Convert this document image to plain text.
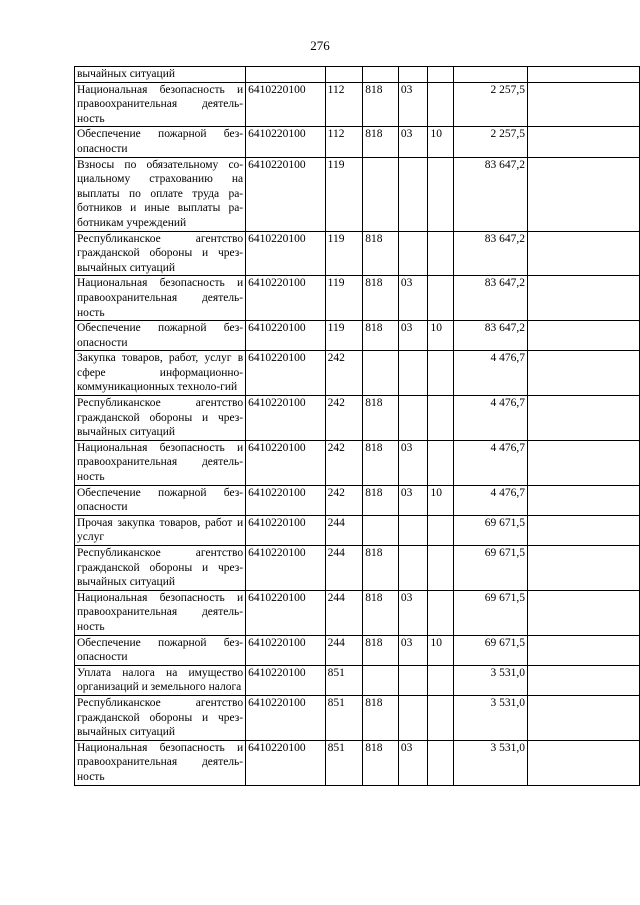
276
вычайных ситуаций							
Национальная безопасность и правоохранительная деятель-ность	6410220100	112	818	03		2 257,5	
Обеспечение пожарной без-опасности	6410220100	112	818	03	10	2 257,5	
Взносы по обязательному со-циальному страхованию на выплаты по оплате труда ра-ботников и иные выплаты ра-ботникам учреждений	6410220100	119				83 647,2	
Республиканское агентство гражданской обороны и чрез-вычайных ситуаций	6410220100	119	818			83 647,2	
Национальная безопасность и правоохранительная деятель-ность	6410220100	119	818	03		83 647,2	
Обеспечение пожарной без-опасности	6410220100	119	818	03	10	83 647,2	
Закупка товаров, работ, услуг в сфере информационно-коммуникационных техноло-гий	6410220100	242				4 476,7	
Республиканское агентство гражданской обороны и чрез-вычайных ситуаций	6410220100	242	818			4 476,7	
Национальная безопасность и правоохранительная деятель-ность	6410220100	242	818	03		4 476,7	
Обеспечение пожарной без-опасности	6410220100	242	818	03	10	4 476,7	
Прочая закупка товаров, работ и услуг	6410220100	244				69 671,5	
Республиканское агентство гражданской обороны и чрез-вычайных ситуаций	6410220100	244	818			69 671,5	
Национальная безопасность и правоохранительная деятель-ность	6410220100	244	818	03		69 671,5	
Обеспечение пожарной без-опасности	6410220100	244	818	03	10	69 671,5	
Уплата налога на имущество организаций и земельного налога	6410220100	851				3 531,0	
Республиканское агентство гражданской обороны и чрез-вычайных ситуаций	6410220100	851	818			3 531,0	
Национальная безопасность и правоохранительная деятель-ность	6410220100	851	818	03		3 531,0	
